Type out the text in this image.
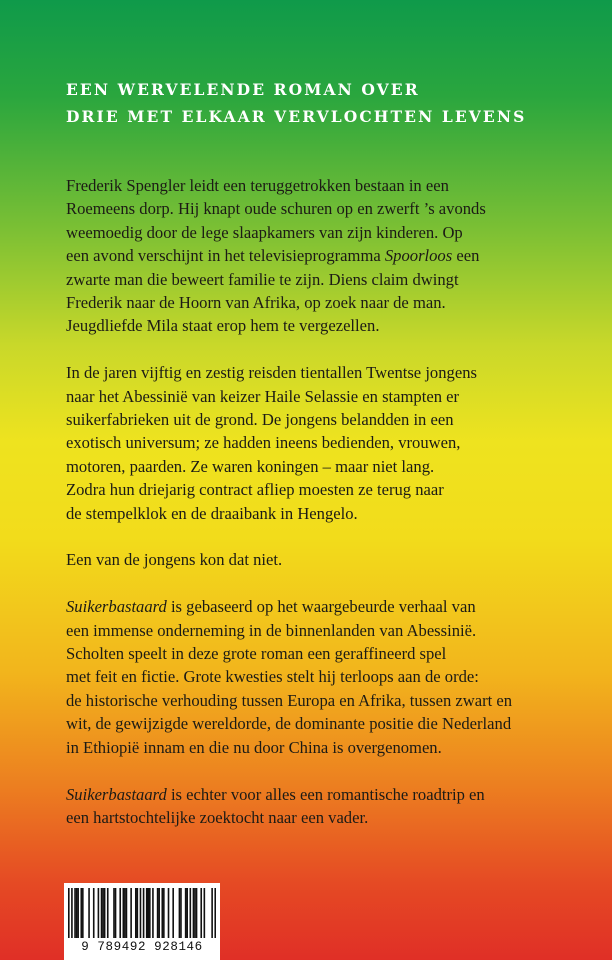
EEN WERVELENDE ROMAN OVER
DRIE MET ELKAAR VERVLOCHTEN LEVENS

Frederik Spengler leidt een teruggetrokken bestaan in een
Roemeens dorp. Hij knapt oude schuren op en zwerft ’s avonds
weemoedig door de lege slaapkamers van zijn kinderen. Op
een avond verschijnt in het televisieprogramma Spoorloos een
zwarte man die beweert familie te zijn. Diens claim dwingt
Frederik naar de Hoorn van Afrika, op zoek naar de man.
Jeugdliefde Mila staat erop hem te vergezellen.

In de jaren vijftig en zestig reisden tientallen Twentse jongens
naar het Abessinië van keizer Haile Selassie en stampten er
suikerfabrieken uit de grond. De jongens belandden in een
exotisch universum; ze hadden ineens bedienden, vrouwen,
motoren, paarden. Ze waren koningen – maar niet lang.
Zodra hun driejarig contract afliep moesten ze terug naar
de stempelklok en de draaibank in Hengelo.

Een van de jongens kon dat niet.

Suikerbastaard is gebaseerd op het waargebeurde verhaal van
een immense onderneming in de binnenlanden van Abessinië.
Scholten speelt in deze grote roman een geraffineerd spel
met feit en fictie. Grote kwesties stelt hij terloops aan de orde:
de historische verhouding tussen Europa en Afrika, tussen zwart en
wit, de gewijzigde wereldorde, de dominante positie die Nederland
in Ethiopië innam en die nu door China is overgenomen.

Suikerbastaard is echter voor alles een romantische roadtrip en
een hartstochtelijke zoektocht naar een vader.

9 789492 928146
